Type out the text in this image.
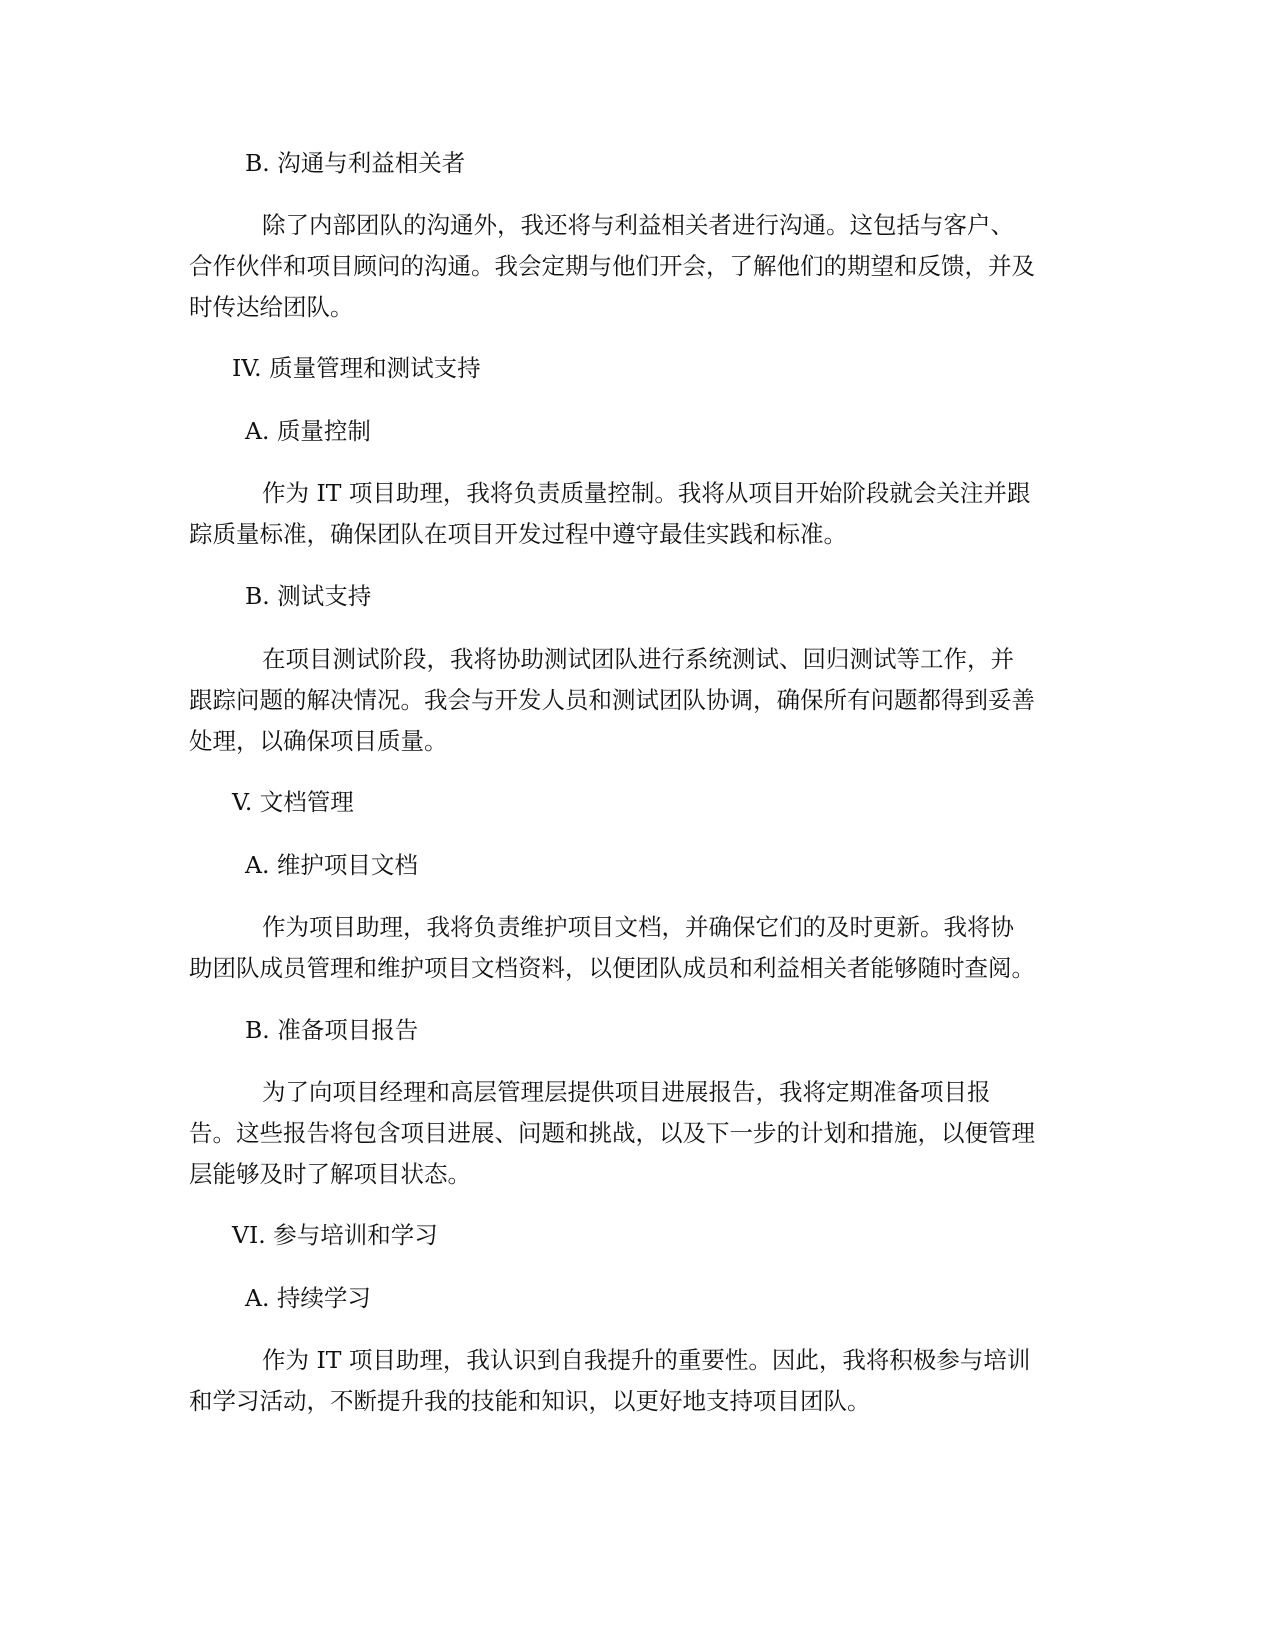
B. 沟通与利益相关者
除了内部团队的沟通外，我还将与利益相关者进行沟通。这包括与客户、
合作伙伴和项目顾问的沟通。我会定期与他们开会，了解他们的期望和反馈，并及
时传达给团队。
IV. 质量管理和测试支持
A. 质量控制
作为 IT 项目助理，我将负责质量控制。我将从项目开始阶段就会关注并跟
踪质量标准，确保团队在项目开发过程中遵守最佳实践和标准。
B. 测试支持
在项目测试阶段，我将协助测试团队进行系统测试、回归测试等工作，并
跟踪问题的解决情况。我会与开发人员和测试团队协调，确保所有问题都得到妥善
处理，以确保项目质量。
V. 文档管理
A. 维护项目文档
作为项目助理，我将负责维护项目文档，并确保它们的及时更新。我将协
助团队成员管理和维护项目文档资料，以便团队成员和利益相关者能够随时查阅。
B. 准备项目报告
为了向项目经理和高层管理层提供项目进展报告，我将定期准备项目报
告。这些报告将包含项目进展、问题和挑战，以及下一步的计划和措施，以便管理
层能够及时了解项目状态。
VI. 参与培训和学习
A. 持续学习
作为 IT 项目助理，我认识到自我提升的重要性。因此，我将积极参与培训
和学习活动，不断提升我的技能和知识，以更好地支持项目团队。
